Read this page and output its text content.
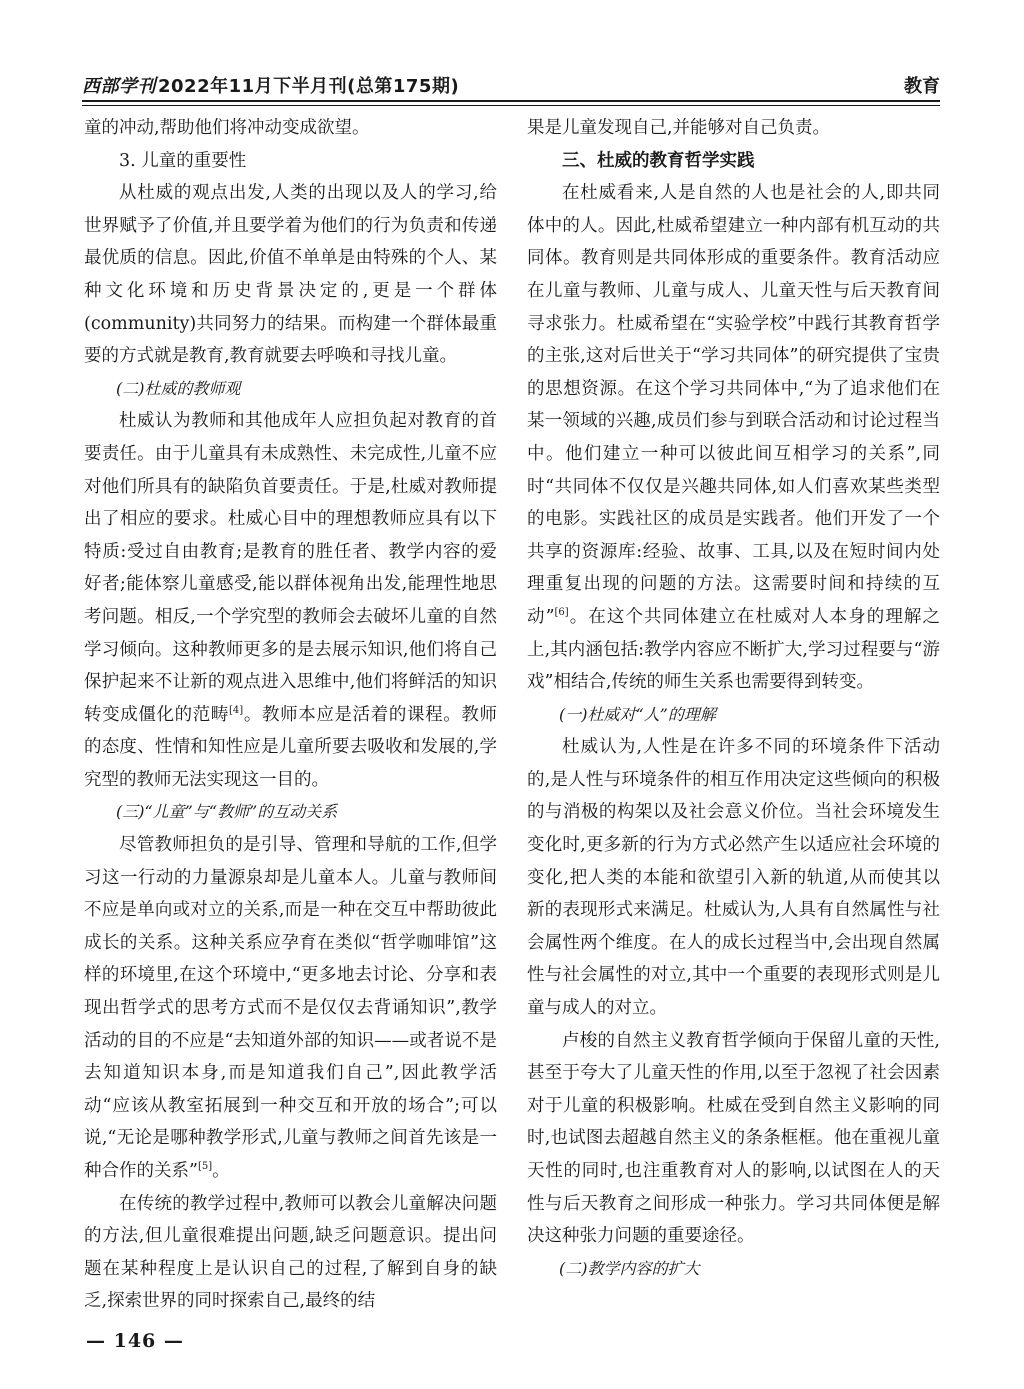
西部学刊 2022年11月下半月刊(总第175期)	教育

童的冲动,帮助他们将冲动变成欲望。

3. 儿童的重要性

从杜威的观点出发,人类的出现以及人的学习,给世界赋予了价值,并且要学着为他们的行为负责和传递最优质的信息。因此,价值不单单是由特殊的个人、某种文化环境和历史背景决定的,更是一个群体(community)共同努力的结果。而构建一个群体最重要的方式就是教育,教育就要去呼唤和寻找儿童。

(二)杜威的教师观

杜威认为教师和其他成年人应担负起对教育的首要责任。由于儿童具有未成熟性、未完成性,儿童不应对他们所具有的缺陷负首要责任。于是,杜威对教师提出了相应的要求。杜威心目中的理想教师应具有以下特质:受过自由教育;是教育的胜任者、教学内容的爱好者;能体察儿童感受,能以群体视角出发,能理性地思考问题。相反,一个学究型的教师会去破坏儿童的自然学习倾向。这种教师更多的是去展示知识,他们将自己保护起来不让新的观点进入思维中,他们将鲜活的知识转变成僵化的范畴[4]。教师本应是活着的课程。教师的态度、性情和知性应是儿童所要去吸收和发展的,学究型的教师无法实现这一目的。

(三)“儿童”与“教师”的互动关系

尽管教师担负的是引导、管理和导航的工作,但学习这一行动的力量源泉却是儿童本人。儿童与教师间不应是单向或对立的关系,而是一种在交互中帮助彼此成长的关系。这种关系应孕育在类似“哲学咖啡馆”这样的环境里,在这个环境中,“更多地去讨论、分享和表现出哲学式的思考方式而不是仅仅去背诵知识”,教学活动的目的不应是“去知道外部的知识——或者说不是去知道知识本身,而是知道我们自己”,因此教学活动“应该从教室拓展到一种交互和开放的场合”;可以说,“无论是哪种教学形式,儿童与教师之间首先该是一种合作的关系”[5]。

在传统的教学过程中,教师可以教会儿童解决问题的方法,但儿童很难提出问题,缺乏问题意识。提出问题在某种程度上是认识自己的过程,了解到自身的缺乏,探索世界的同时探索自己,最终的结

果是儿童发现自己,并能够对自己负责。

三、杜威的教育哲学实践

在杜威看来,人是自然的人也是社会的人,即共同体中的人。因此,杜威希望建立一种内部有机互动的共同体。教育则是共同体形成的重要条件。教育活动应在儿童与教师、儿童与成人、儿童天性与后天教育间寻求张力。杜威希望在“实验学校”中践行其教育哲学的主张,这对后世关于“学习共同体”的研究提供了宝贵的思想资源。在这个学习共同体中,“为了追求他们在某一领域的兴趣,成员们参与到联合活动和讨论过程当中。他们建立一种可以彼此间互相学习的关系”,同时“共同体不仅仅是兴趣共同体,如人们喜欢某些类型的电影。实践社区的成员是实践者。他们开发了一个共享的资源库:经验、故事、工具,以及在短时间内处理重复出现的问题的方法。这需要时间和持续的互动”[6]。在这个共同体建立在杜威对人本身的理解之上,其内涵包括:教学内容应不断扩大,学习过程要与“游戏”相结合,传统的师生关系也需要得到转变。

(一)杜威对“人”的理解

杜威认为,人性是在许多不同的环境条件下活动的,是人性与环境条件的相互作用决定这些倾向的积极的与消极的构架以及社会意义价位。当社会环境发生变化时,更多新的行为方式必然产生以适应社会环境的变化,把人类的本能和欲望引入新的轨道,从而使其以新的表现形式来满足。杜威认为,人具有自然属性与社会属性两个维度。在人的成长过程当中,会出现自然属性与社会属性的对立,其中一个重要的表现形式则是儿童与成人的对立。

卢梭的自然主义教育哲学倾向于保留儿童的天性,甚至于夸大了儿童天性的作用,以至于忽视了社会因素对于儿童的积极影响。杜威在受到自然主义影响的同时,也试图去超越自然主义的条条框框。他在重视儿童天性的同时,也注重教育对人的影响,以试图在人的天性与后天教育之间形成一种张力。学习共同体便是解决这种张力问题的重要途径。

(二)教学内容的扩大

— 146 —
